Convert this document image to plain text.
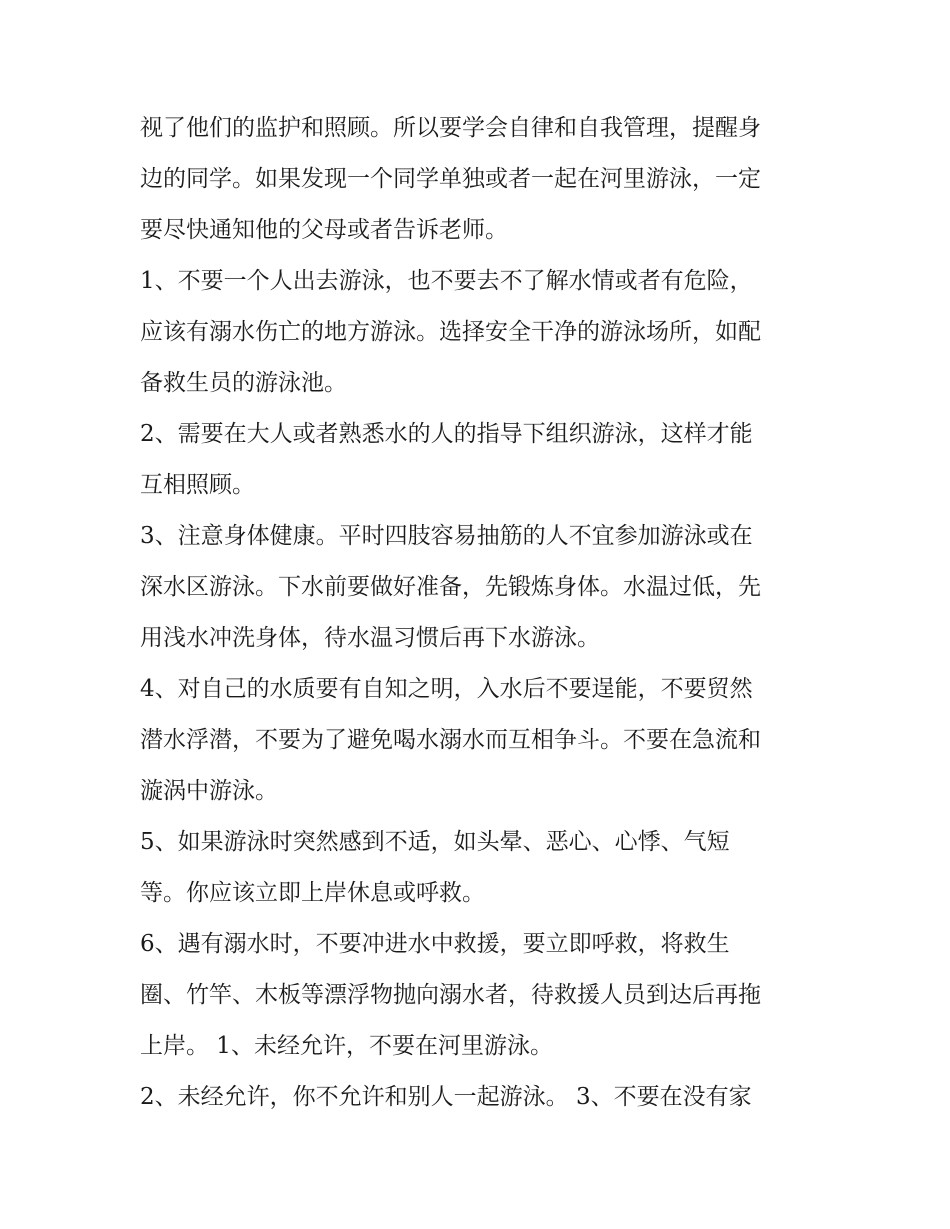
视了他们的监护和照顾。所以要学会自律和自我管理，提醒身
边的同学。如果发现一个同学单独或者一起在河里游泳，一定
要尽快通知他的父母或者告诉老师。
1、不要一个人出去游泳，也不要去不了解水情或者有危险，
应该有溺水伤亡的地方游泳。选择安全干净的游泳场所，如配
备救生员的游泳池。
2、需要在大人或者熟悉水的人的指导下组织游泳，这样才能
互相照顾。
3、注意身体健康。平时四肢容易抽筋的人不宜参加游泳或在
深水区游泳。下水前要做好准备，先锻炼身体。水温过低，先
用浅水冲洗身体，待水温习惯后再下水游泳。
4、对自己的水质要有自知之明，入水后不要逞能，不要贸然
潜水浮潜，不要为了避免喝水溺水而互相争斗。不要在急流和
漩涡中游泳。
5、如果游泳时突然感到不适，如头晕、恶心、心悸、气短
等。你应该立即上岸休息或呼救。
6、遇有溺水时，不要冲进水中救援，要立即呼救，将救生
圈、竹竿、木板等漂浮物抛向溺水者，待救援人员到达后再拖
上岸。 1、未经允许，不要在河里游泳。
2、未经允许，你不允许和别人一起游泳。 3、不要在没有家
